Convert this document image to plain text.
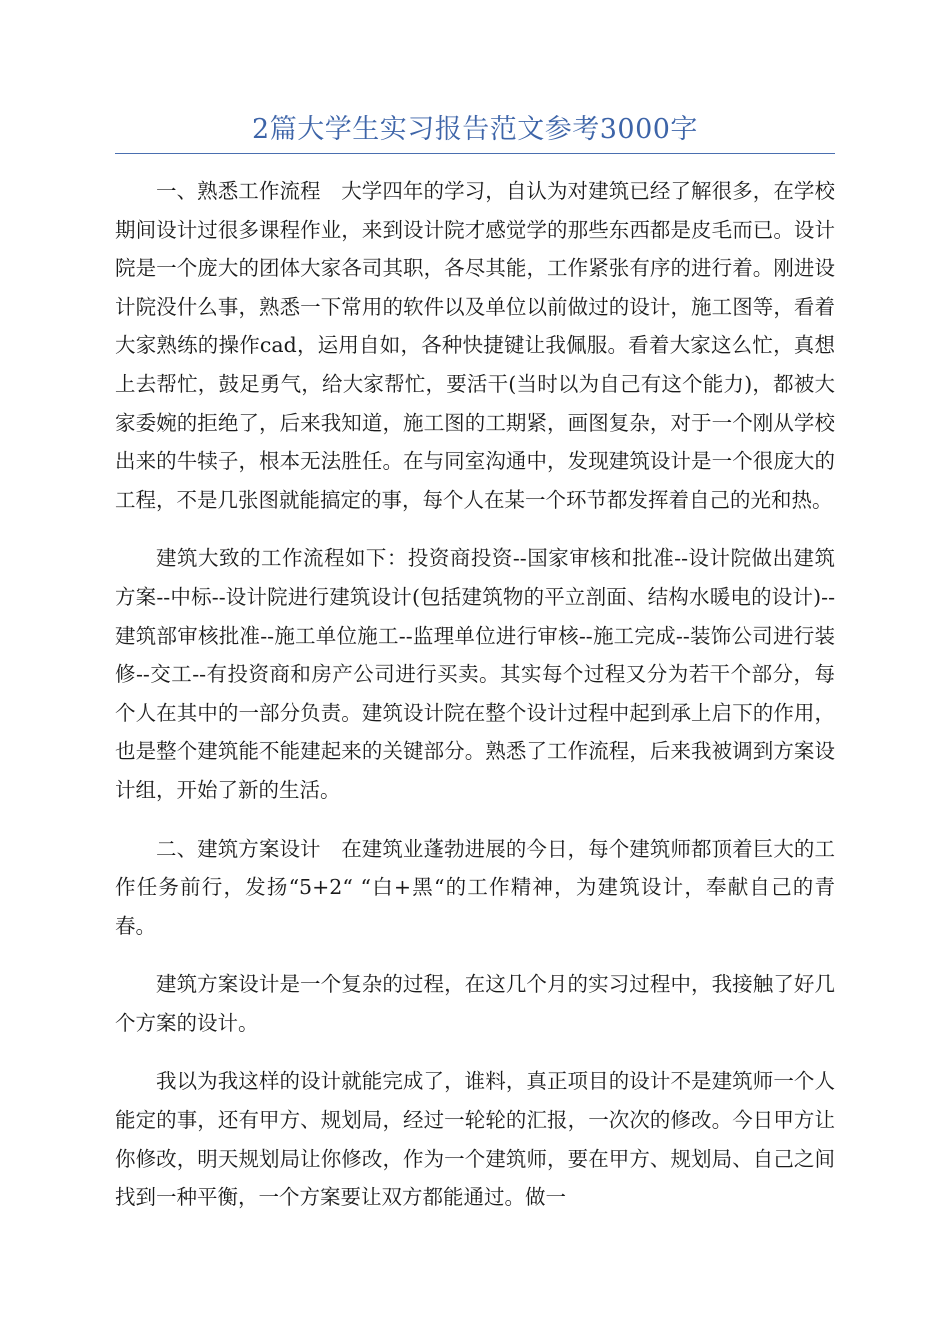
2篇大学生实习报告范文参考3000字

一、熟悉工作流程　大学四年的学习，自认为对建筑已经了解很多，在学校期间设计过很多课程作业，来到设计院才感觉学的那些东西都是皮毛而已。设计院是一个庞大的团体大家各司其职，各尽其能，工作紧张有序的进行着。刚进设计院没什么事，熟悉一下常用的软件以及单位以前做过的设计，施工图等，看着大家熟练的操作cad，运用自如，各种快捷键让我佩服。看着大家这么忙，真想上去帮忙，鼓足勇气，给大家帮忙，要活干(当时以为自己有这个能力)，都被大家委婉的拒绝了，后来我知道，施工图的工期紧，画图复杂，对于一个刚从学校出来的牛犊子，根本无法胜任。在与同室沟通中，发现建筑设计是一个很庞大的工程，不是几张图就能搞定的事，每个人在某一个环节都发挥着自己的光和热。

建筑大致的工作流程如下：投资商投资--国家审核和批准--设计院做出建筑方案--中标--设计院进行建筑设计(包括建筑物的平立剖面、结构水暖电的设计)--建筑部审核批准--施工单位施工--监理单位进行审核--施工完成--装饰公司进行装修--交工--有投资商和房产公司进行买卖。其实每个过程又分为若干个部分，每个人在其中的一部分负责。建筑设计院在整个设计过程中起到承上启下的作用，也是整个建筑能不能建起来的关键部分。熟悉了工作流程，后来我被调到方案设计组，开始了新的生活。

二、建筑方案设计　在建筑业蓬勃进展的今日，每个建筑师都顶着巨大的工作任务前行，发扬“5+2“ “白+黑“的工作精神，为建筑设计，奉献自己的青春。

建筑方案设计是一个复杂的过程，在这几个月的实习过程中，我接触了好几个方案的设计。

我以为我这样的设计就能完成了，谁料，真正项目的设计不是建筑师一个人能定的事，还有甲方、规划局，经过一轮轮的汇报，一次次的修改。今日甲方让你修改，明天规划局让你修改，作为一个建筑师，要在甲方、规划局、自己之间找到一种平衡，一个方案要让双方都能通过。做一
